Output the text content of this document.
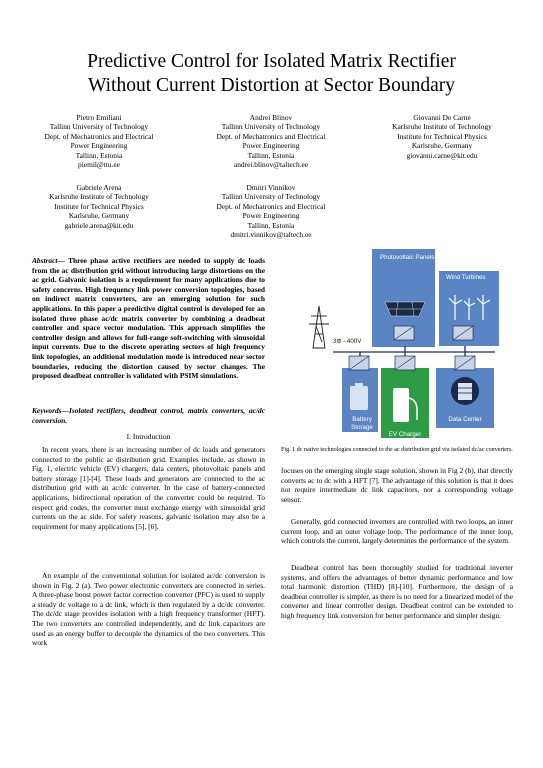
Predictive Control for Isolated Matrix Rectifier
Without Current Distortion at Sector Boundary
Pietro Emiliani
Tallinn University of Technology
Dept. of Mechatronics and Electrical
Power Engineering
Tallinn, Estonia
piemil@ttu.ee
Andrei Blinov
Tallinn University of Technology
Dept. of Mechatronics and Electrical
Power Engineering
Tallinn, Estonia
andrei.blinov@taltech.ee
Giovanni De Carne
Karlsruhe Institute of Technology
Institute for Technical Physics
Karlsruhe, Germany
giovanni.carne@kit.edu
Gabriele Arena
Karlsruhe Institute of Technology
Institute for Technical Physics
Karlsruhe, Germany
gabriele.arena@kit.edu
Dmitri Vinnikov
Tallinn University of Technology
Dept. of Mechatronics and Electrical
Power Engineering
Tallinn, Estonia
dmitri.vinnikov@taltech.ee
Abstract— Three phase active rectifiers are needed to supply dc loads from the ac distribution grid without introducing large distortions on the ac grid. Galvanic isolation is a requirement for many applications due to safety concerns. High frequency link power conversion topologies, based on indirect matrix converters, are an emerging solution for such applications. In this paper a predictive digital control is developed for an isolated three phase ac/dc matrix converter by combining a deadbeat controller and space vector modulation. This approach simplifies the controller design and allows for full-range soft-switching with sinusoidal input currents. Due to the discrete operating sectors of high frequency link topologies, an additional modulation mode is introduced near sector boundaries, reducing the distortion caused by sector changes. The proposed deadbeat controller is validated with PSIM simulations.
Keywords—Isolated rectifiers, deadbeat control, matrix converters, ac/dc conversion.
I. Introduction
In recent years, there is an increasing number of dc loads and generators connected to the public ac distribution grid. Examples include, as shown in Fig. 1, electric vehicle (EV) chargers, data centers, photovoltaic panels and battery storage [1]-[4]. These loads and generators are connected to the ac distribution grid with an ac/dc converter. In the case of battery-connected applications, bidirectional operation of the converter could be required. To respect grid codes, the converter must exchange energy with sinusoidal grid currents on the ac side. For safety reasons, galvanic isolation may also be a requirement for many applications [5], [6].
An example of the conventional solution for isolated ac/dc conversion is shown in Fig. 2 (a). Two power electronic converters are connected in series. A three-phase boost power factor correction converter (PFC) is used to supply a steady dc voltage to a dc link, which is then regulated by a dc/dc converter. The dc/dc stage provides isolation with a high frequency transformer (HFT). The two converters are controlled independently, and dc link capacitors are used as an energy buffer to decouple the dynamics of the two converters. This work
Photovoltaic Panels
Wind Turbines
3Φ - 400V
Battery Storage
EV Charger
Data Center
Fig. 1 dc native technologies connected to the ac distribution grid via isolated dc/ac converters.
focuses on the emerging single stage solution, shown in Fig 2 (b), that directly converts ac to dc with a HFT [7]. The advantage of this solution is that it does not require intermediate dc link capacitors, nor a corresponding voltage sensor.
Generally, grid connected inverters are controlled with two loops, an inner current loop, and an outer voltage loop. The performance of the inner loop, which controls the current, largely determines the performance of the system.
Deadbeat control has been thoroughly studied for traditional inverter systems, and offers the advantages of better dynamic performance and low total harmonic distortion (THD) [8]-[10]. Furthermore, the design of a deadbeat controller is simpler, as there is no need for a linearized model of the converter and linear controller design. Deadbeat control can be extended to high frequency link conversion for better performance and simpler design.
